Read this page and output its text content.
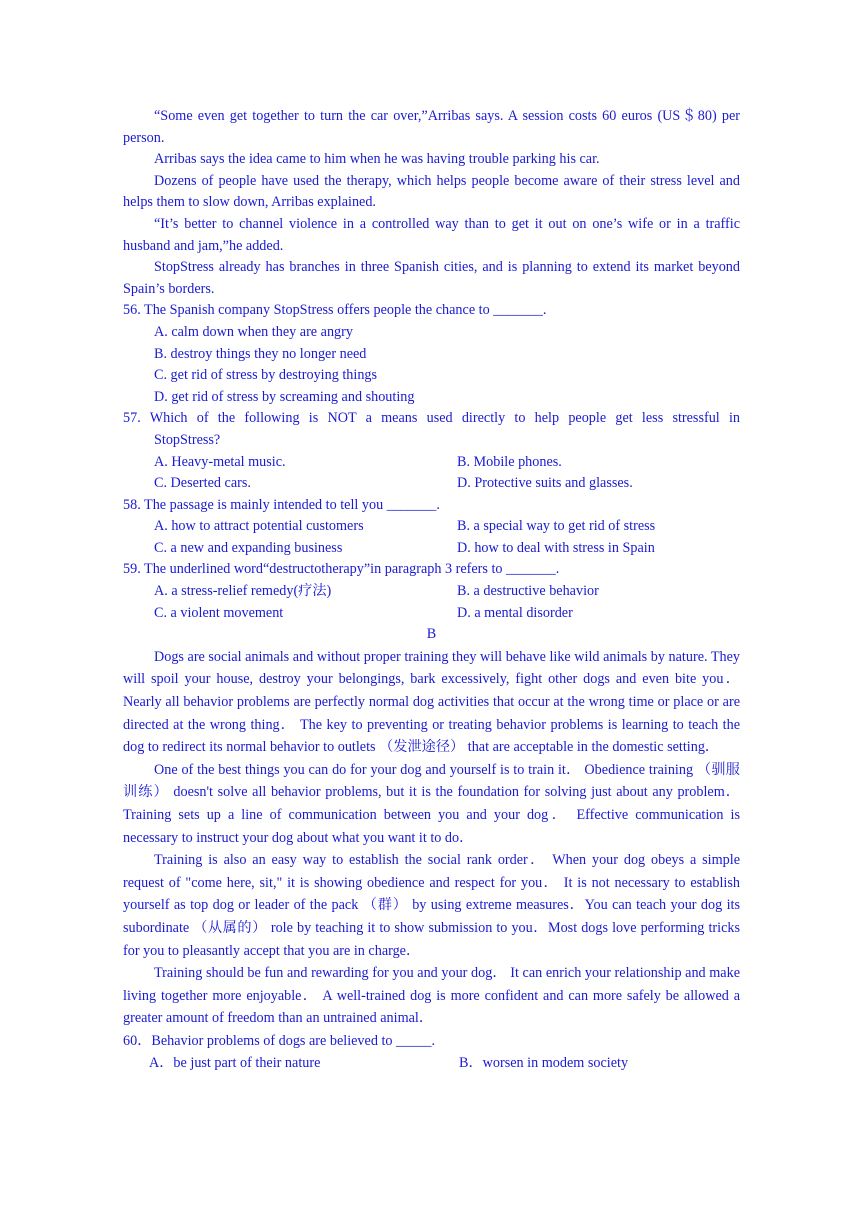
“Some even get together to turn the car over,”Arribas says. A session costs 60 euros (US＄80) per person.

Arribas says the idea came to him when he was having trouble parking his car.

Dozens of people have used the therapy, which helps people become aware of their stress level and helps them to slow down, Arribas explained.

“It’s better to channel violence in a controlled way than to get it out on one’s wife or in a traffic husband and jam,”he added.

StopStress already has branches in three Spanish cities, and is planning to extend its market beyond Spain’s borders.

56. The Spanish company StopStress offers people the chance to _______.

A. calm down when they are angry

B. destroy things they no longer need

C. get rid of stress by destroying things

D. get rid of stress by screaming and shouting

57. Which of the following is NOT a means used directly to help people get less stressful in

StopStress?

A. Heavy-metal music.	B. Mobile phones.
C. Deserted cars.	D. Protective suits and glasses.

58. The passage is mainly intended to tell you _______.

A. how to attract potential customers	B. a special way to get rid of stress
C. a new and expanding business	D. how to deal with stress in Spain

59. The underlined word“destructotherapy”in paragraph 3 refers to _______.

A. a stress-relief remedy(疗法)	B. a destructive behavior
C. a violent movement	D. a mental disorder

B

Dogs are social animals and without proper training they will behave like wild animals by nature. They will spoil your house, destroy your belongings, bark excessively, fight other dogs and even bite you． Nearly all behavior problems are perfectly normal dog activities that occur at the wrong time or place or are directed at the wrong thing． The key to preventing or treating behavior problems is learning to teach the dog to redirect its normal behavior to outlets （发泄途径） that are acceptable in the domestic setting．

One of the best things you can do for your dog and yourself is to train it． Obedience training （驯服训练） doesn't solve all behavior problems, but it is the foundation for solving just about any problem． Training sets up a line of communication between you and your dog． Effective communication is necessary to instruct your dog about what you want it to do．

Training is also an easy way to establish the social rank order． When your dog obeys a simple request of "come here, sit," it is showing obedience and respect for you． It is not necessary to establish yourself as top dog or leader of the pack （群） by using extreme measures．You can teach your dog its subordinate （从属的） role by teaching it to show submission to you．Most dogs love performing tricks for you to pleasantly accept that you are in charge．

Training should be fun and rewarding for you and your dog． It can enrich your relationship and make living together more enjoyable． A well-trained dog is more confident and can more safely be allowed a greater amount of freedom than an untrained animal．

60．Behavior problems of dogs are believed to _____.

A．be just part of their nature	B．worsen in modem society
